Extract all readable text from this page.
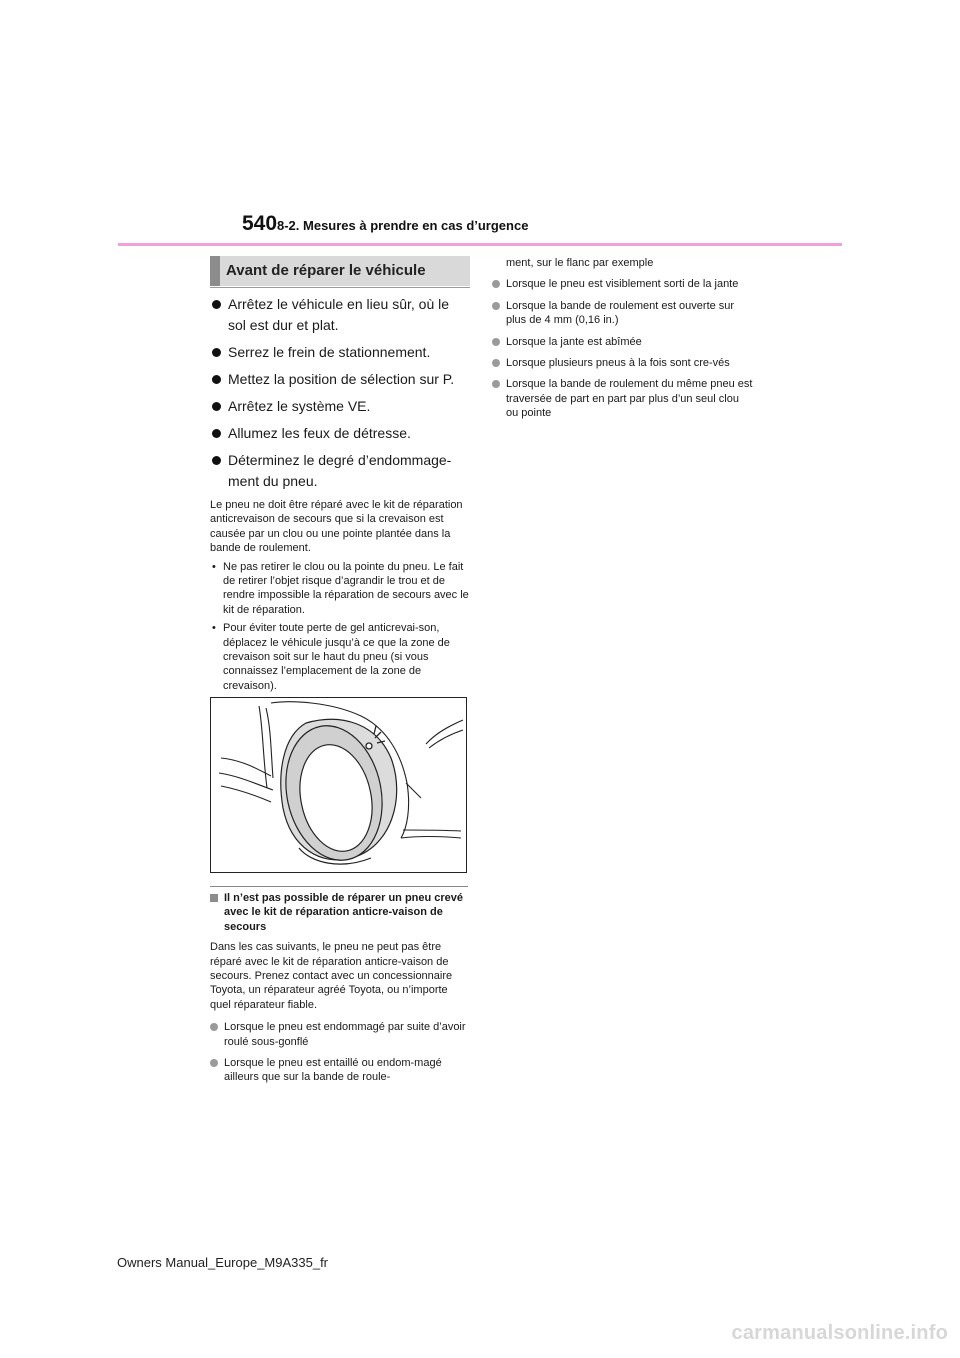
540 8-2. Mesures à prendre en cas d’urgence
Avant de réparer le véhicule
Arrêtez le véhicule en lieu sûr, où le sol est dur et plat.
Serrez le frein de stationnement.
Mettez la position de sélection sur P.
Arrêtez le système VE.
Allumez les feux de détresse.
Déterminez le degré d’endommage-ment du pneu.

Le pneu ne doit être réparé avec le kit de réparation anticrevaison de secours que si la crevaison est causée par un clou ou une pointe plantée dans la bande de roulement.

• Ne pas retirer le clou ou la pointe du pneu. Le fait de retirer l’objet risque d’agrandir le trou et de rendre impossible la réparation de secours avec le kit de réparation.
• Pour éviter toute perte de gel anticrevai-son, déplacez le véhicule jusqu’à ce que la zone de crevaison soit sur le haut du pneu (si vous connaissez l’emplacement de la zone de crevaison).

Il n’est pas possible de réparer un pneu crevé avec le kit de réparation anticre-vaison de secours

Dans les cas suivants, le pneu ne peut pas être réparé avec le kit de réparation anticre-vaison de secours. Prenez contact avec un concessionnaire Toyota, un réparateur agréé Toyota, ou n’importe quel réparateur fiable.

Lorsque le pneu est endommagé par suite d’avoir roulé sous-gonflé
Lorsque le pneu est entaillé ou endom-magé ailleurs que sur la bande de roule-
ment, sur le flanc par exemple
Lorsque le pneu est visiblement sorti de la jante
Lorsque la bande de roulement est ouverte sur plus de 4 mm (0,16 in.)
Lorsque la jante est abîmée
Lorsque plusieurs pneus à la fois sont cre-vés
Lorsque la bande de roulement du même pneu est traversée de part en part par plus d’un seul clou ou pointe
Owners Manual_Europe_M9A335_fr
carmanualsonline.info
